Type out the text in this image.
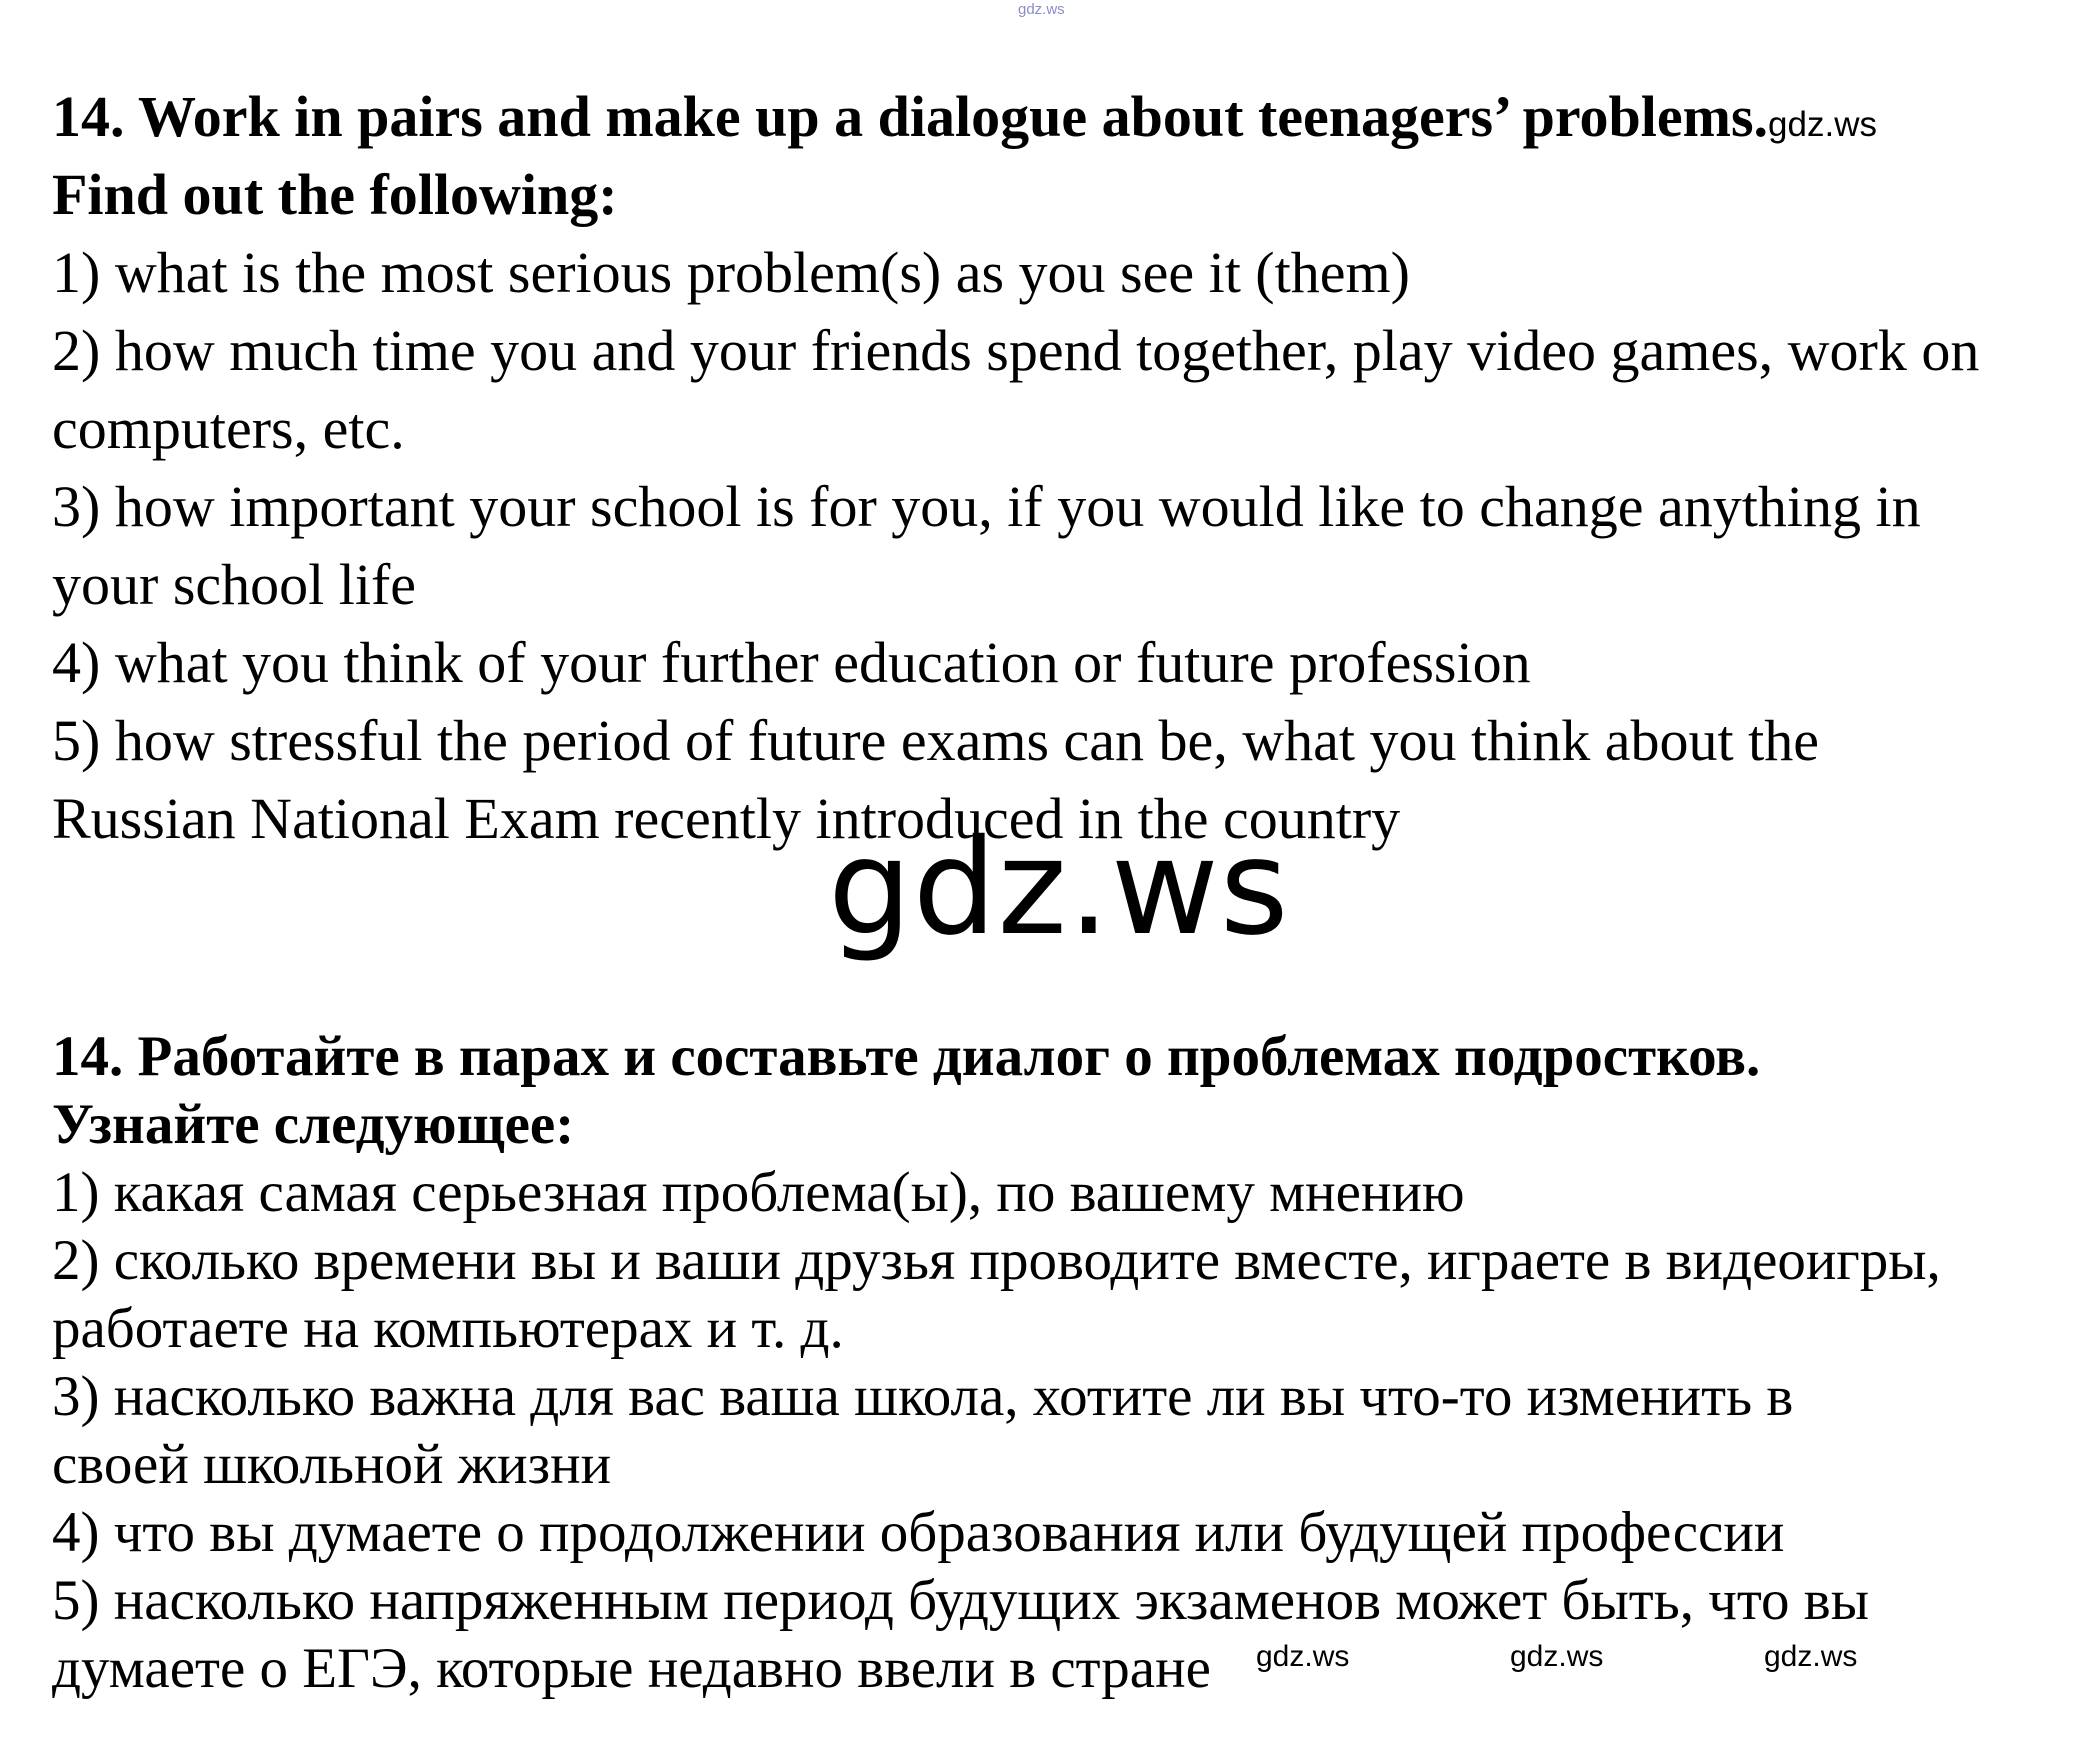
gdz.ws
14. Work in pairs and make up a dialogue about teenagers’ problems.gdz.ws
Find out the following:
1) what is the most serious problem(s) as you see it (them)
2) how much time you and your friends spend together, play video games, work on
computers, etc.
3) how important your school is for you, if you would like to change anything in
your school life
4) what you think of your further education or future profession
5) how stressful the period of future exams can be, what you think about the
Russian National Exam recently introduced in the country
gdz.ws
14. Работайте в парах и составьте диалог о проблемах подростков.
Узнайте следующее:
1) какая самая серьезная проблема(ы), по вашему мнению
2) сколько времени вы и ваши друзья проводите вместе, играете в видеоигры,
работаете на компьютерах и т. д.
3) насколько важна для вас ваша школа, хотите ли вы что-то изменить в
своей школьной жизни
4) что вы думаете о продолжении образования или будущей профессии
5) насколько напряженным период будущих экзаменов может быть, что вы
думаете о ЕГЭ, которые недавно ввели в стране gdz.ws	gdz.ws	gdz.ws
